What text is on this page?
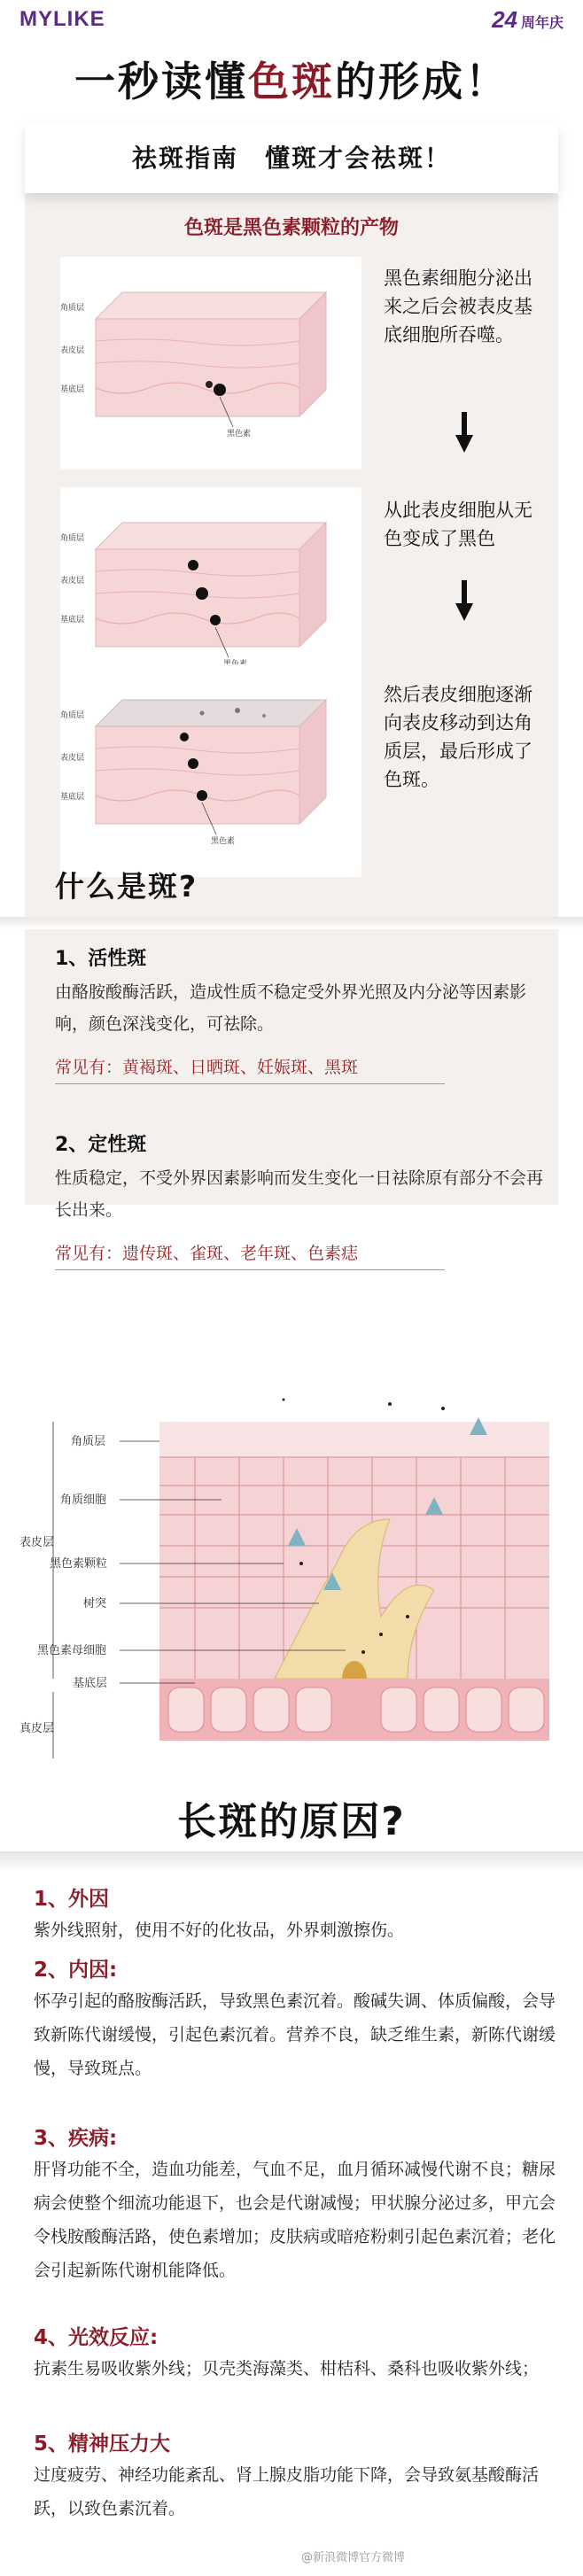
MYLIKE	24 周年庆
一秒读懂色斑的形成！
祛斑指南　懂斑才会祛斑！
色斑是黑色素颗粒的产物
黑色素
角质层
表皮层
基底层
黑色素细胞分泌出来之后会被表皮基底细胞所吞噬。
角质层
表皮层
基底层
从此表皮细胞从无色变成了黑色
黑色素
角质层
表皮层
基底层
然后表皮细胞逐渐向表皮移动到达角质层，最后形成了色斑。
什么是斑?
1、活性斑
由酪胺酸酶活跃，造成性质不稳定受外界光照及内分泌等因素影响，颜色深浅变化，可祛除。
常见有：黄褐斑、日晒斑、妊娠斑、黑斑
2、定性斑
性质稳定，不受外界因素影响而发生变化一日祛除原有部分不会再长出来。
常见有：遗传斑、雀斑、老年斑、色素痣
角质层
角质细胞
黑色素颗粒
树突
黑色素母细胞
基底层
表皮层
真皮层
长斑的原因?
1、外因
紫外线照射，使用不好的化妆品，外界刺激擦伤。
2、内因:
怀孕引起的酪胺酶活跃，导致黑色素沉着。酸碱失调、体质偏酸，会导致新陈代谢缓慢，引起色素沉着。营养不良，缺乏维生素，新陈代谢缓慢，导致斑点。
3、疾病:
肝肾功能不全，造血功能差，气血不足，血月循环减慢代谢不良；糖尿病会使整个细流功能退下，也会是代谢减慢；甲状腺分泌过多，甲亢会令栈胺酸酶活路，使色素增加；皮肤病或暗疮粉刺引起色素沉着；老化会引起新陈代谢机能降低。
4、光效反应:
抗素生易吸收紫外线；贝壳类海藻类、柑桔科、桑科也吸收紫外线；
5、精神压力大
过度疲劳、神经功能紊乱、肾上腺皮脂功能下降，会导致氨基酸酶活跃，以致色素沉着。
@新浪微博官方微博
